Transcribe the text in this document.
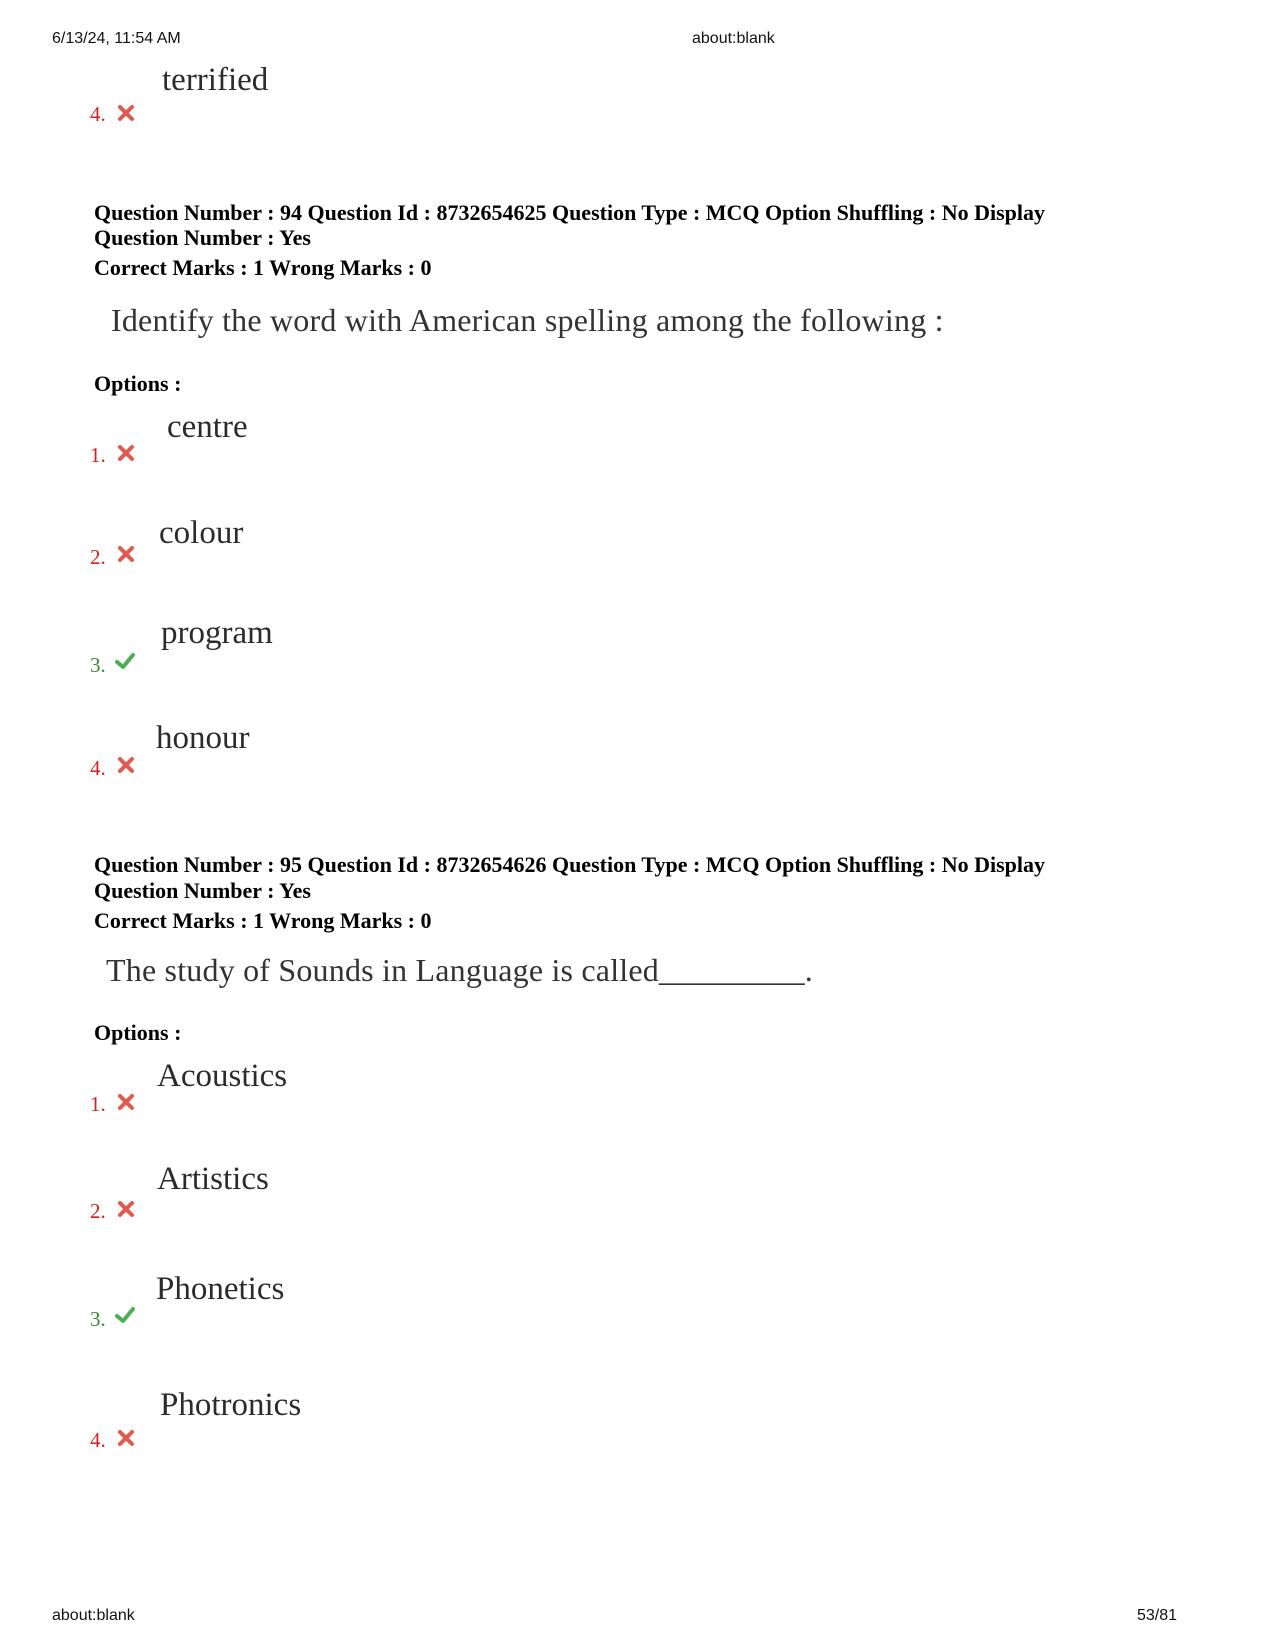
6/13/24, 11:54 AM	about:blank
terrified
4.
Question Number : 94 Question Id : 8732654625 Question Type : MCQ Option Shuffling : No Display
Question Number : Yes
Correct Marks : 1 Wrong Marks : 0
Identify the word with American spelling among the following :
Options :
centre
1.
colour
2.
program
3.
honour
4.
Question Number : 95 Question Id : 8732654626 Question Type : MCQ Option Shuffling : No Display
Question Number : Yes
Correct Marks : 1 Wrong Marks : 0
The study of Sounds in Language is called_________.
Options :
Acoustics
1.
Artistics
2.
Phonetics
3.
Photronics
4.
about:blank	53/81
